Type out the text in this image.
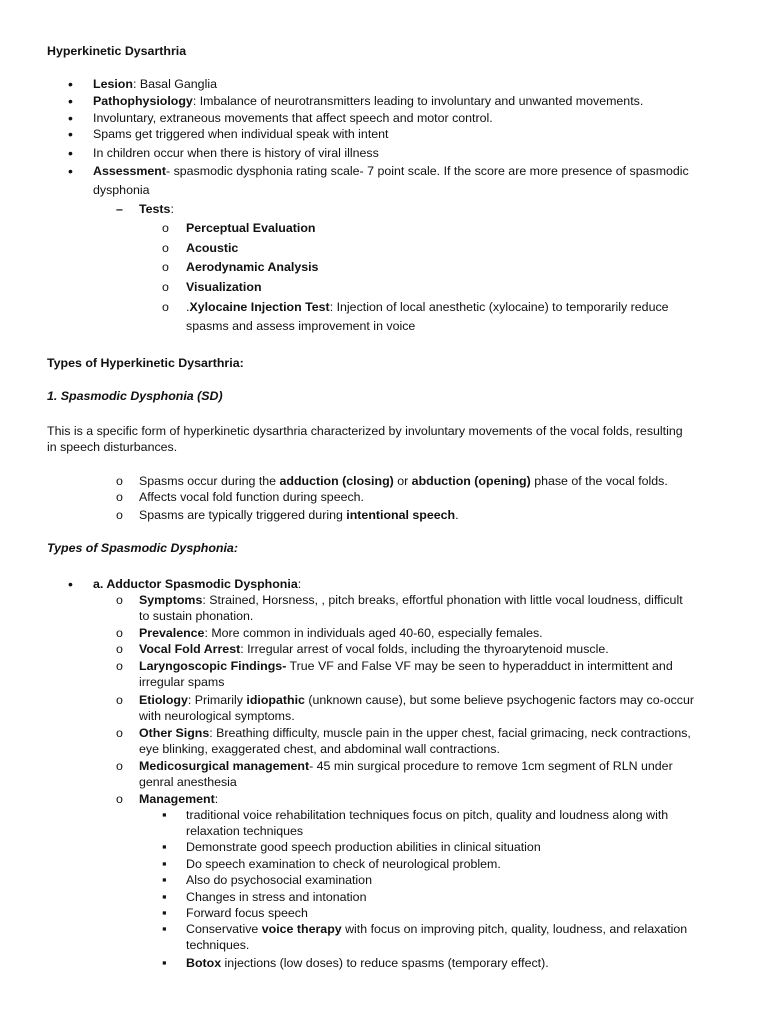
Hyperkinetic Dysarthria
•
Lesion: Basal Ganglia
•
Pathophysiology: Imbalance of neurotransmitters leading to involuntary and unwanted movements.
•
Involuntary, extraneous movements that affect speech and motor control.
•
Spams get triggered when individual speak with intent
•
In children occur when there is history of viral illness
•
Assessment- spasmodic dysphonia rating scale- 7 point scale. If the score are more presence of spasmodic
dysphonia
–
Tests:
o
Perceptual Evaluation
o
Acoustic
o
Aerodynamic Analysis
o
Visualization
o
.Xylocaine Injection Test: Injection of local anesthetic (xylocaine) to temporarily reduce
spasms and assess improvement in voice
Types of Hyperkinetic Dysarthria:
1. Spasmodic Dysphonia (SD)
This is a specific form of hyperkinetic dysarthria characterized by involuntary movements of the vocal folds, resulting
in speech disturbances.
o
Spasms occur during the adduction (closing) or abduction (opening) phase of the vocal folds.
o
Affects vocal fold function during speech.
o
Spasms are typically triggered during intentional speech.
Types of Spasmodic Dysphonia:
•
a. Adductor Spasmodic Dysphonia:
o
Symptoms: Strained, Horsness, , pitch breaks, effortful phonation with little vocal loudness, difficult
to sustain phonation.
o
Prevalence: More common in individuals aged 40-60, especially females.
o
Vocal Fold Arrest: Irregular arrest of vocal folds, including the thyroarytenoid muscle.
o
Laryngoscopic Findings- True VF and False VF may be seen to hyperadduct in intermittent and
irregular spams
o
Etiology: Primarily idiopathic (unknown cause), but some believe psychogenic factors may co-occur
with neurological symptoms.
o
Other Signs: Breathing difficulty, muscle pain in the upper chest, facial grimacing, neck contractions,
eye blinking, exaggerated chest, and abdominal wall contractions.
o
Medicosurgical management- 45 min surgical procedure to remove 1cm segment of RLN under
genral anesthesia
o
Management:
▪
traditional voice rehabilitation techniques focus on pitch, quality and loudness along with
relaxation techniques
▪
Demonstrate good speech production abilities in clinical situation
▪
Do speech examination to check of neurological problem.
▪
Also do psychosocial examination
▪
Changes in stress and intonation
▪
Forward focus speech
▪
Conservative voice therapy with focus on improving pitch, quality, loudness, and relaxation
techniques.
▪
Botox injections (low doses) to reduce spasms (temporary effect).
